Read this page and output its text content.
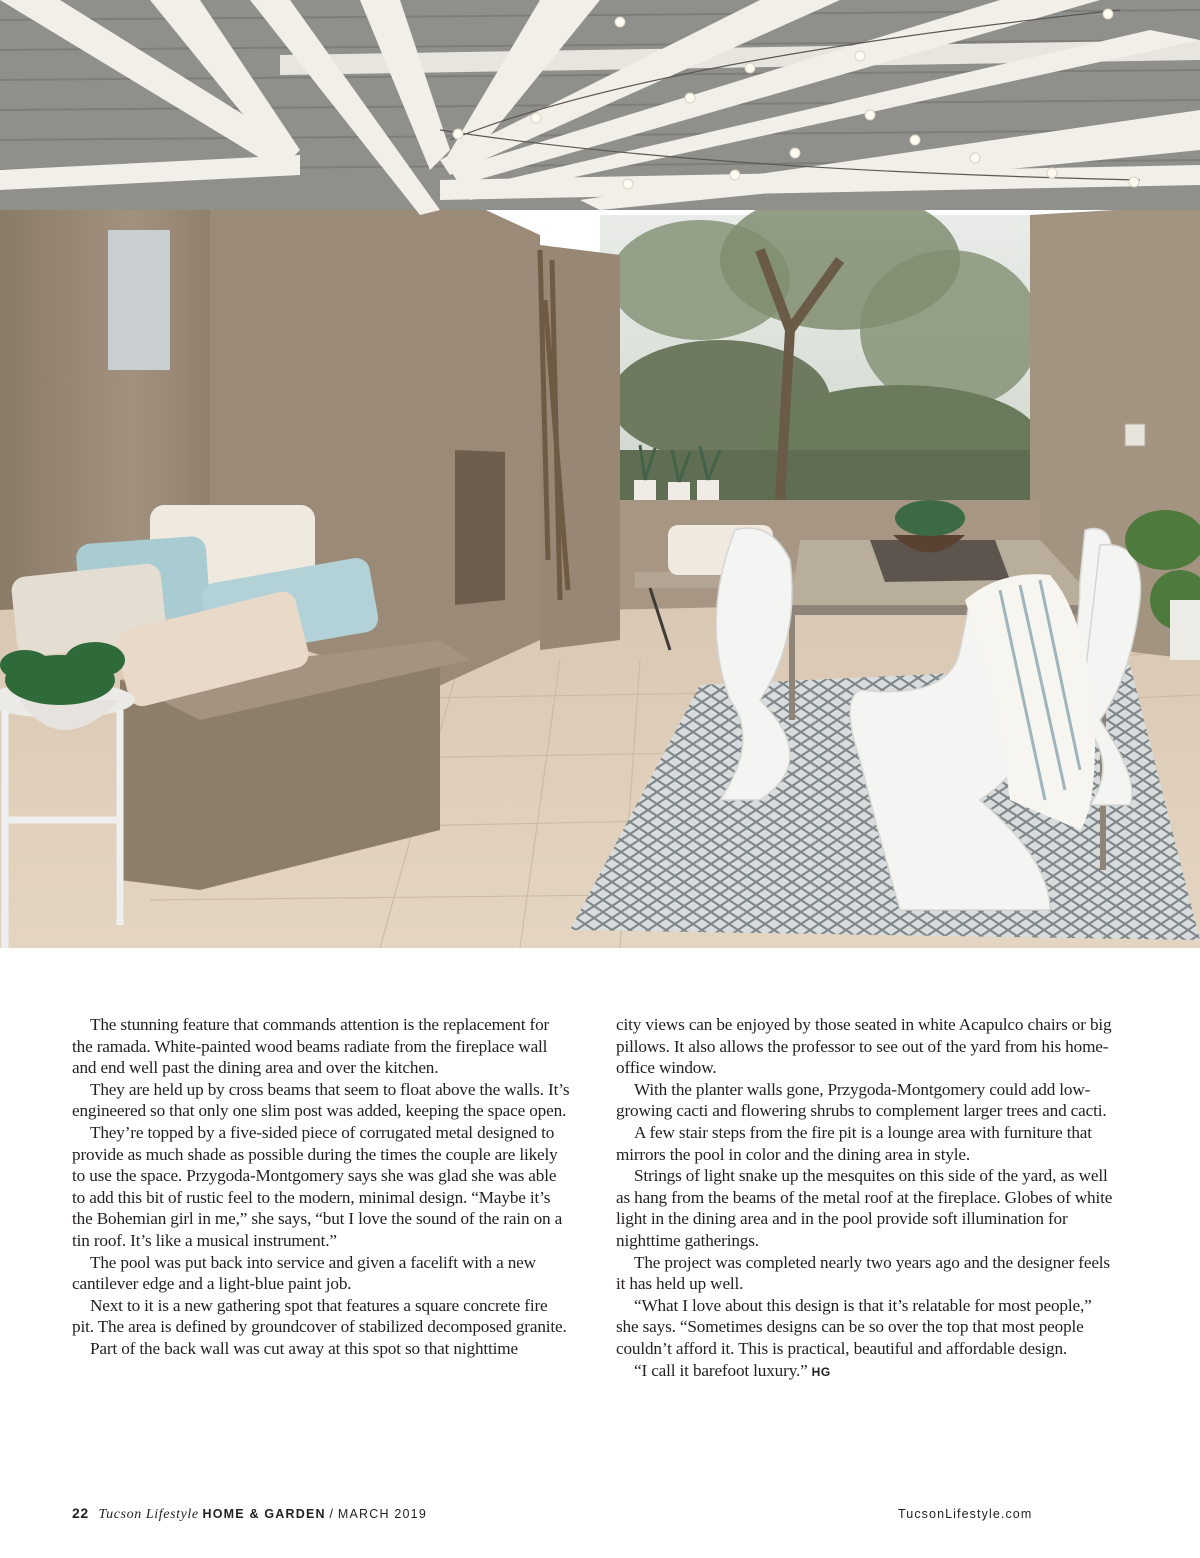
The stunning feature that commands attention is the replacement for the ramada. White-painted wood beams radiate from the fireplace wall and end well past the dining area and over the kitchen.

They are held up by cross beams that seem to float above the walls. It’s engineered so that only one slim post was added, keeping the space open.

They’re topped by a five-sided piece of corrugated metal designed to provide as much shade as possible during the times the couple are likely to use the space. Przygoda-Montgomery says she was glad she was able to add this bit of rustic feel to the modern, minimal design. “Maybe it’s the Bohemian girl in me,” she says, “but I love the sound of the rain on a tin roof. It’s like a musical instrument.”

The pool was put back into service and given a facelift with a new cantilever edge and a light-blue paint job.

Next to it is a new gathering spot that features a square concrete fire pit. The area is defined by groundcover of stabilized decomposed granite.

Part of the back wall was cut away at this spot so that nighttime

city views can be enjoyed by those seated in white Acapulco chairs or big pillows. It also allows the professor to see out of the yard from his home-office window.

With the planter walls gone, Przygoda-Montgomery could add low-growing cacti and flowering shrubs to complement larger trees and cacti.

A few stair steps from the fire pit is a lounge area with furniture that mirrors the pool in color and the dining area in style.

Strings of light snake up the mesquites on this side of the yard, as well as hang from the beams of the metal roof at the fireplace. Globes of white light in the dining area and in the pool provide soft illumination for nighttime gatherings.

The project was completed nearly two years ago and the designer feels it has held up well.

“What I love about this design is that it’s relatable for most people,” she says. “Sometimes designs can be so over the top that most people couldn’t afford it. This is practical, beautiful and affordable design.

“I call it barefoot luxury.” HG

22 Tucson Lifestyle HOME & GARDEN / MARCH 2019	TucsonLifestyle.com
